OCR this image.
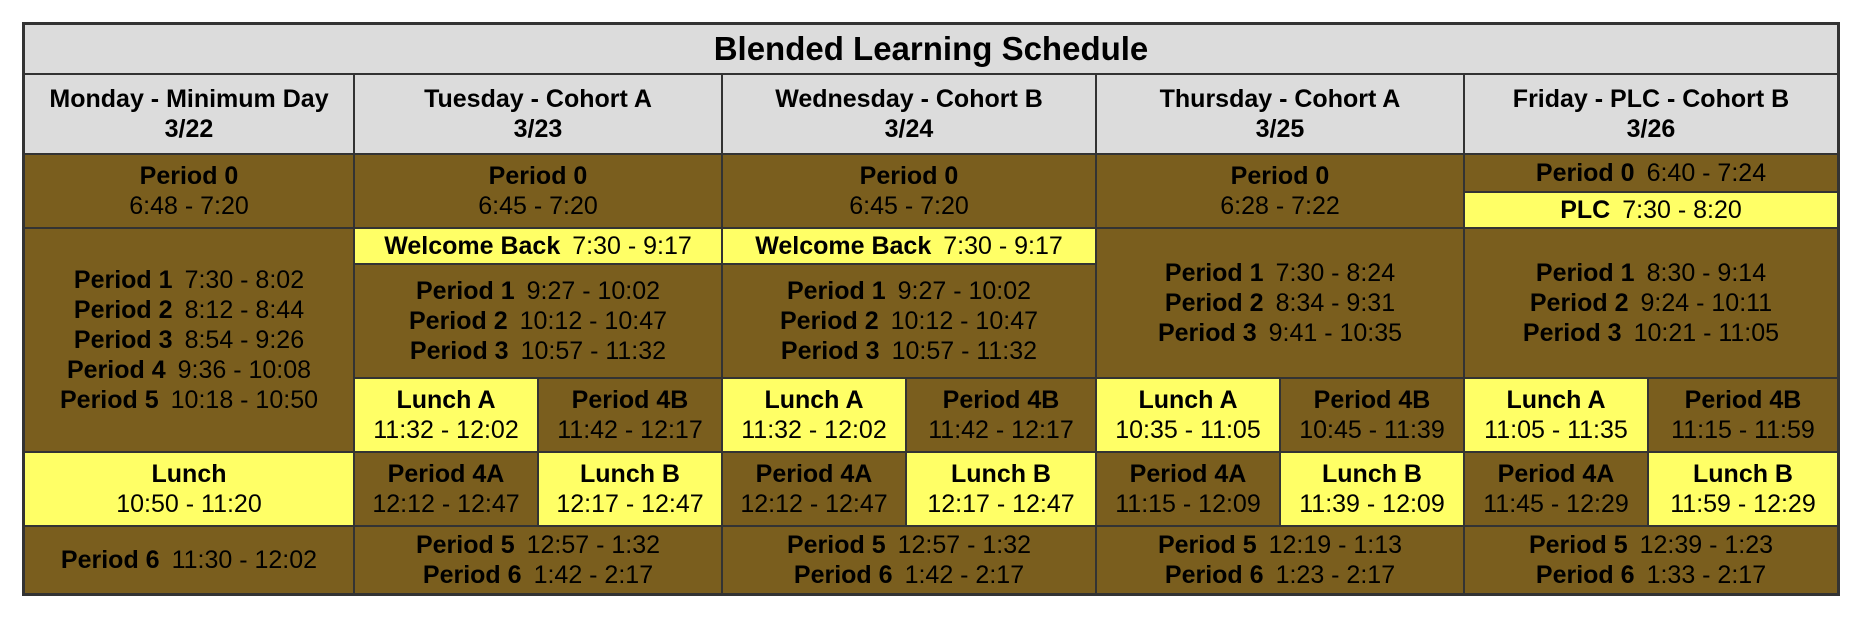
Blended Learning Schedule
Monday - Minimum Day
3/22
Tuesday - Cohort A
3/23
Wednesday - Cohort B
3/24
Thursday - Cohort A
3/25
Friday - PLC - Cohort B
3/26
Period 0
6:48 - 7:20
Period 1 7:30 - 8:02
Period 2 8:12 - 8:44
Period 3 8:54 - 9:26
Period 4 9:36 - 10:08
Period 5 10:18 - 10:50
Lunch
10:50 - 11:20
Period 6 11:30 - 12:02
Period 0
6:45 - 7:20
Welcome Back 7:30 - 9:17
Period 1 9:27 - 10:02
Period 2 10:12 - 10:47
Period 3 10:57 - 11:32
Lunch A
11:32 - 12:02
Period 4B
11:42 - 12:17
Period 4A
12:12 - 12:47
Lunch B
12:17 - 12:47
Period 5 12:57 - 1:32
Period 6 1:42 - 2:17
Period 0
6:45 - 7:20
Welcome Back 7:30 - 9:17
Period 1 9:27 - 10:02
Period 2 10:12 - 10:47
Period 3 10:57 - 11:32
Lunch A
11:32 - 12:02
Period 4B
11:42 - 12:17
Period 4A
12:12 - 12:47
Lunch B
12:17 - 12:47
Period 5 12:57 - 1:32
Period 6 1:42 - 2:17
Period 0
6:28 - 7:22
Period 1 7:30 - 8:24
Period 2 8:34 - 9:31
Period 3 9:41 - 10:35
Lunch A
10:35 - 11:05
Period 4B
10:45 - 11:39
Period 4A
11:15 - 12:09
Lunch B
11:39 - 12:09
Period 5 12:19 - 1:13
Period 6 1:23 - 2:17
Period 0 6:40 - 7:24
PLC 7:30 - 8:20
Period 1 8:30 - 9:14
Period 2 9:24 - 10:11
Period 3 10:21 - 11:05
Lunch A
11:05 - 11:35
Period 4B
11:15 - 11:59
Period 4A
11:45 - 12:29
Lunch B
11:59 - 12:29
Period 5 12:39 - 1:23
Period 6 1:33 - 2:17
